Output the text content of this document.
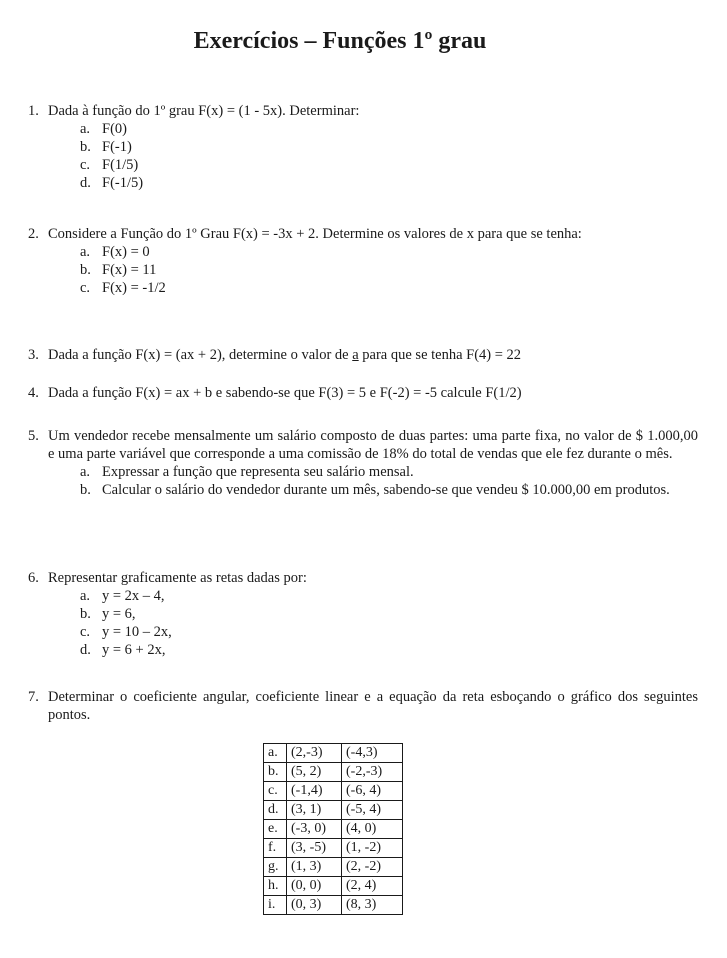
Exercícios – Funções 1º grau
1. Dada à função do 1º grau F(x) = (1 - 5x). Determinar:
a. F(0)
b. F(-1)
c. F(1/5)
d. F(-1/5)
2. Considere a Função do 1º Grau F(x) = -3x + 2. Determine os valores de x para que se tenha:
a. F(x) = 0
b. F(x) = 11
c. F(x) = -1/2
3. Dada a função F(x) = (ax + 2), determine o valor de a para que se tenha F(4) = 22
4. Dada a função F(x) = ax + b e sabendo-se que F(3) = 5 e F(-2) = -5 calcule F(1/2)
5. Um vendedor recebe mensalmente um salário composto de duas partes: uma parte fixa, no valor de $ 1.000,00 e uma parte variável que corresponde a uma comissão de 18% do total de vendas que ele fez durante o mês.
a. Expressar a função que representa seu salário mensal.
b. Calcular o salário do vendedor durante um mês, sabendo-se que vendeu $ 10.000,00 em produtos.
6. Representar graficamente as retas dadas por:
a. y = 2x – 4,
b. y = 6,
c. y = 10 – 2x,
d. y = 6 + 2x,
7. Determinar o coeficiente angular, coeficiente linear e a equação da reta esboçando o gráfico dos seguintes pontos.
a.	(2,-3)	(-4,3)
b.	(5, 2)	(-2,-3)
c.	(-1,4)	(-6, 4)
d.	(3, 1)	(-5, 4)
e.	(-3, 0)	(4, 0)
f.	(3, -5)	(1, -2)
g.	(1, 3)	(2, -2)
h.	(0, 0)	(2, 4)
i.	(0, 3)	(8, 3)
